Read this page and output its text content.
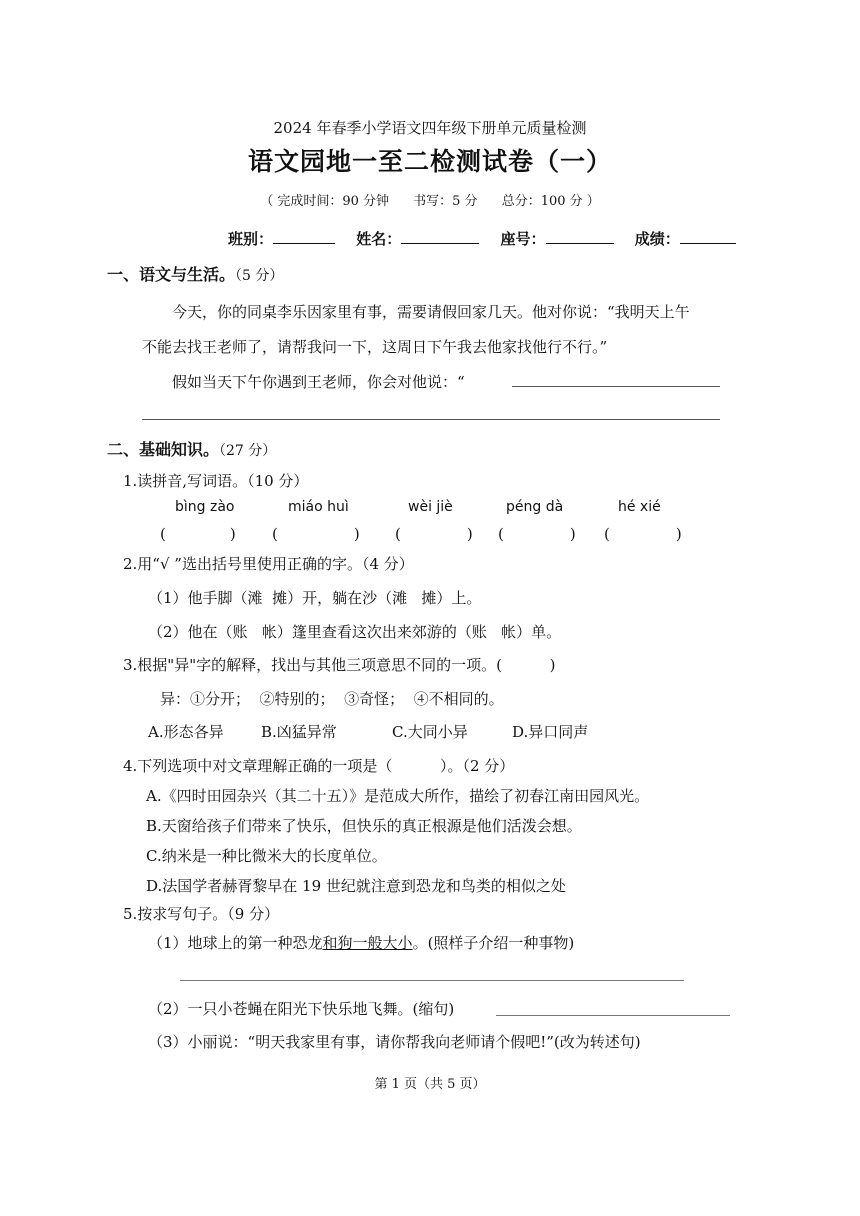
2024 年春季小学语文四年级下册单元质量检测
语文园地一至二检测试卷（一）
（ 完成时间：90 分钟 书写：5 分 总分：100 分 ）
班别：	姓名：	座号：	成绩：
一、语文与生活。（5 分）
今天，你的同桌李乐因家里有事，需要请假回家几天。他对你说：“我明天上午
不能去找王老师了，请帮我问一下，这周日下午我去他家找他行不行。”
假如当天下午你遇到王老师，你会对他说：“
二、基础知识。（27 分）
1.读拼音,写词语。（10 分）
bìng zào	miáo huì	wèi jiè	péng dà	hé xié
(	) (	) (	) (	) (	)
2.用“√ ”选出括号里使用正确的字。（4 分）
（1）他手脚（滩  摊）开，躺在沙（滩   摊）上。
（2）他在（账   帐）篷里查看这次出来郊游的（账   帐）单。
3.根据"异"字的解释，找出与其他三项意思不同的一项。(          )
异：①分开；  ②特别的；  ③奇怪；  ④不相同的。
A.形态各异 B.凶猛异常	C.大同小异	D.异口同声
4.下列选项中对文章理解正确的一项是（          ）。（2 分）
A.《四时田园杂兴（其二十五）》是范成大所作，描绘了初春江南田园风光。
B.天窗给孩子们带来了快乐，但快乐的真正根源是他们活泼会想。
C.纳米是一种比微米大的长度单位。
D.法国学者赫胥黎早在 19 世纪就注意到恐龙和鸟类的相似之处
5.按求写句子。（9 分）
（1）地球上的第一种恐龙和狗一般大小。(照样子介绍一种事物)
（2）一只小苍蝇在阳光下快乐地飞舞。(缩句)
（3）小丽说：“明天我家里有事，请你帮我向老师请个假吧!”(改为转述句)
第 1 页（共 5 页）
